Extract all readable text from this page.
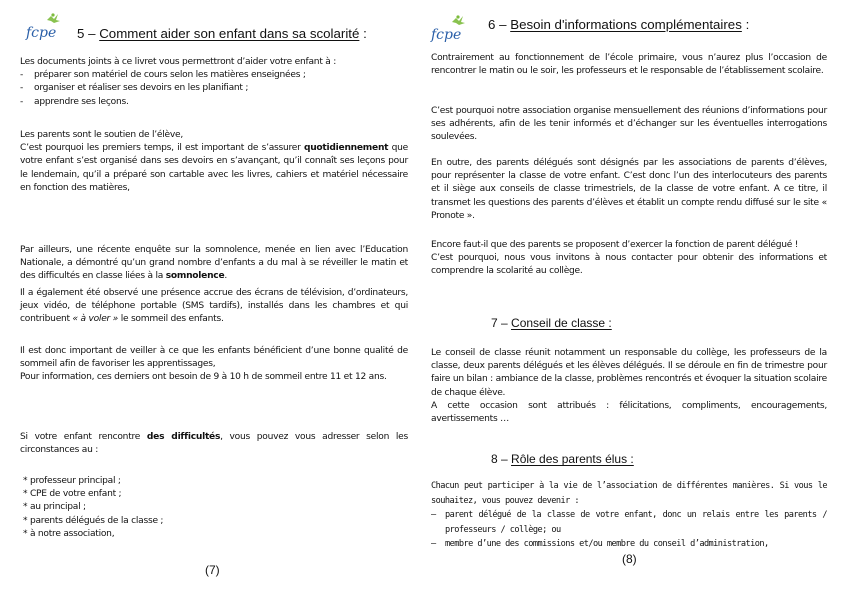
fcpe 5 – Comment aider son enfant dans sa scolarité :
Les documents joints à ce livret vous permettront d’aider votre enfant à :
- préparer son matériel de cours selon les matières enseignées ;
- organiser et réaliser ses devoirs en les planifiant ;
- apprendre ses leçons.
Les parents sont le soutien de l’élève,
C’est pourquoi les premiers temps, il est important de s’assurer quotidiennement que votre enfant s’est organisé dans ses devoirs en s’avançant, qu’il connaît ses leçons pour le lendemain, qu’il a préparé son cartable avec les livres, cahiers et matériel nécessaire en fonction des matières,
Par ailleurs, une récente enquête sur la somnolence, menée en lien avec l’Education Nationale, a démontré qu’un grand nombre d’enfants a du mal à se réveiller le matin et des difficultés en classe liées à la somnolence.
Il a également été observé une présence accrue des écrans de télévision, d’ordinateurs, jeux vidéo, de téléphone portable (SMS tardifs), installés dans les chambres et qui contribuent « à voler » le sommeil des enfants.
Il est donc important de veiller à ce que les enfants bénéficient d’une bonne qualité de sommeil afin de favoriser les apprentissages,
Pour information, ces derniers ont besoin de 9 à 10 h de sommeil entre 11 et 12 ans.
Si votre enfant rencontre des difficultés, vous pouvez vous adresser selon les circonstances au :
* professeur principal ;
* CPE de votre enfant ;
* au principal ;
* parents délégués de la classe ;
* à notre association,
(7)
fcpe
6 – Besoin d'informations complémentaires :
Contrairement au fonctionnement de l’école primaire, vous n’aurez plus l’occasion de rencontrer le matin ou le soir, les professeurs et le responsable de l’établissement scolaire.
C’est pourquoi notre association organise mensuellement des réunions d’informations pour ses adhérents, afin de les tenir informés et d’échanger sur les éventuelles interrogations soulevées.
En outre, des parents délégués sont désignés par les associations de parents d’élèves, pour représenter la classe de votre enfant. C’est donc l’un des interlocuteurs des parents et il siège aux conseils de classe trimestriels, de la classe de votre enfant. A ce titre, il transmet les questions des parents d’élèves et établit un compte rendu diffusé sur le site « Pronote ».
Encore faut-il que des parents se proposent d’exercer la fonction de parent délégué !
C’est pourquoi, nous vous invitons à nous contacter pour obtenir des informations et comprendre la scolarité au collège.
7 – Conseil de classe :
Le conseil de classe réunit notamment un responsable du collège, les professeurs de la classe, deux parents délégués et les élèves délégués. Il se déroule en fin de trimestre pour faire un bilan : ambiance de la classe, problèmes rencontrés et évoquer la situation scolaire de chaque élève.
A cette occasion sont attribués : félicitations, compliments, encouragements, avertissements …
8 – Rôle des parents élus :
Chacun peut participer à la vie de l’association de différentes manières. Si vous le souhaitez, vous pouvez devenir :
– parent délégué de la classe de votre enfant, donc un relais entre les parents / professeurs / collège; ou
– membre d’une des commissions et/ou membre du conseil d’administration,
(8)
